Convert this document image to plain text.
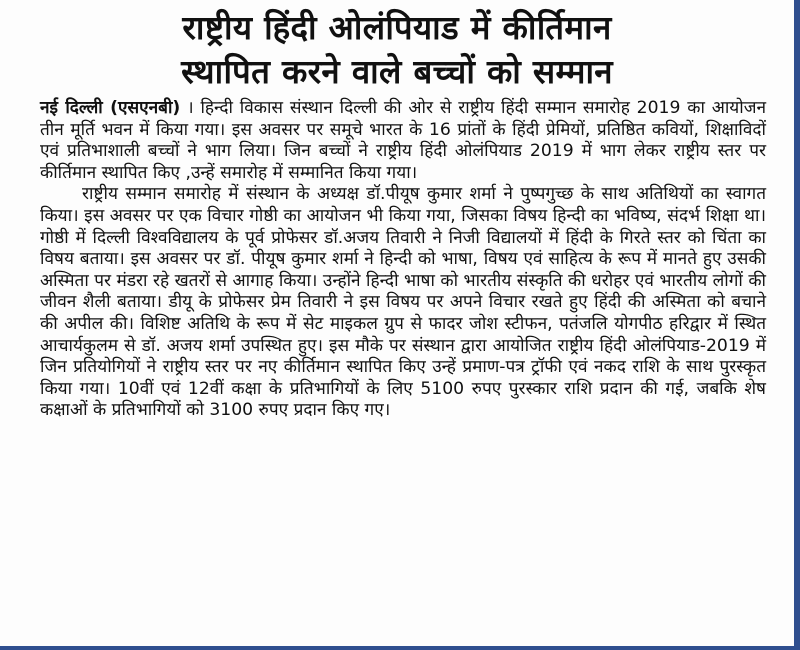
राष्ट्रीय हिंदी ओलंपियाड में कीर्तिमान
स्थापित करने वाले बच्चों को सम्मान

नई दिल्ली (एसएनबी) । हिन्दी विकास संस्थान दिल्ली की ओर से राष्ट्रीय हिंदी सम्मान समारोह 2019 का आयोजन तीन मूर्ति भवन में किया गया। इस अवसर पर समूचे भारत के 16 प्रांतों के हिंदी प्रेमियों, प्रतिष्ठित कवियों, शिक्षाविदों एवं प्रतिभाशाली बच्चों ने भाग लिया। जिन बच्चों ने राष्ट्रीय हिंदी ओलंपियाड 2019 में भाग लेकर राष्ट्रीय स्तर पर कीर्तिमान स्थापित किए ,उन्हें समारोह में सम्मानित किया गया।

राष्ट्रीय सम्मान समारोह में संस्थान के अध्यक्ष डॉ.पीयूष कुमार शर्मा ने पुष्पगुच्छ के साथ अतिथियों का स्वागत किया। इस अवसर पर एक विचार गोष्ठी का आयोजन भी किया गया, जिसका विषय हिन्दी का भविष्य, संदर्भ शिक्षा था। गोष्ठी में दिल्ली विश्वविद्यालय के पूर्व प्रोफेसर डॉ.अजय तिवारी ने निजी विद्यालयों में हिंदी के गिरते स्तर को चिंता का विषय बताया। इस अवसर पर डॉ. पीयूष कुमार शर्मा ने हिन्दी को भाषा, विषय एवं साहित्य के रूप में मानते हुए उसकी अस्मिता पर मंडरा रहे खतरों से आगाह किया। उन्होंने हिन्दी भाषा को भारतीय संस्कृति की धरोहर एवं भारतीय लोगों की जीवन शैली बताया। डीयू के प्रोफेसर प्रेम तिवारी ने इस विषय पर अपने विचार रखते हुए हिंदी की अस्मिता को बचाने की अपील की। विशिष्ट अतिथि के रूप में सेट माइकल ग्रुप से फादर जोश स्टीफन, पतंजलि योगपीठ हरिद्वार में स्थित आचार्यकुलम से डॉ. अजय शर्मा उपस्थित हुए। इस मौके पर संस्थान द्वारा आयोजित राष्ट्रीय हिंदी ओलंपियाड-2019 में जिन प्रतियोगियों ने राष्ट्रीय स्तर पर नए कीर्तिमान स्थापित किए उन्हें प्रमाण-पत्र ट्रॉफी एवं नकद राशि के साथ पुरस्कृत किया गया। 10वीं एवं 12वीं कक्षा के प्रतिभागियों के लिए 5100 रुपए पुरस्कार राशि प्रदान की गई, जबकि शेष कक्षाओं के प्रतिभागियों को 3100 रुपए प्रदान किए गए।
